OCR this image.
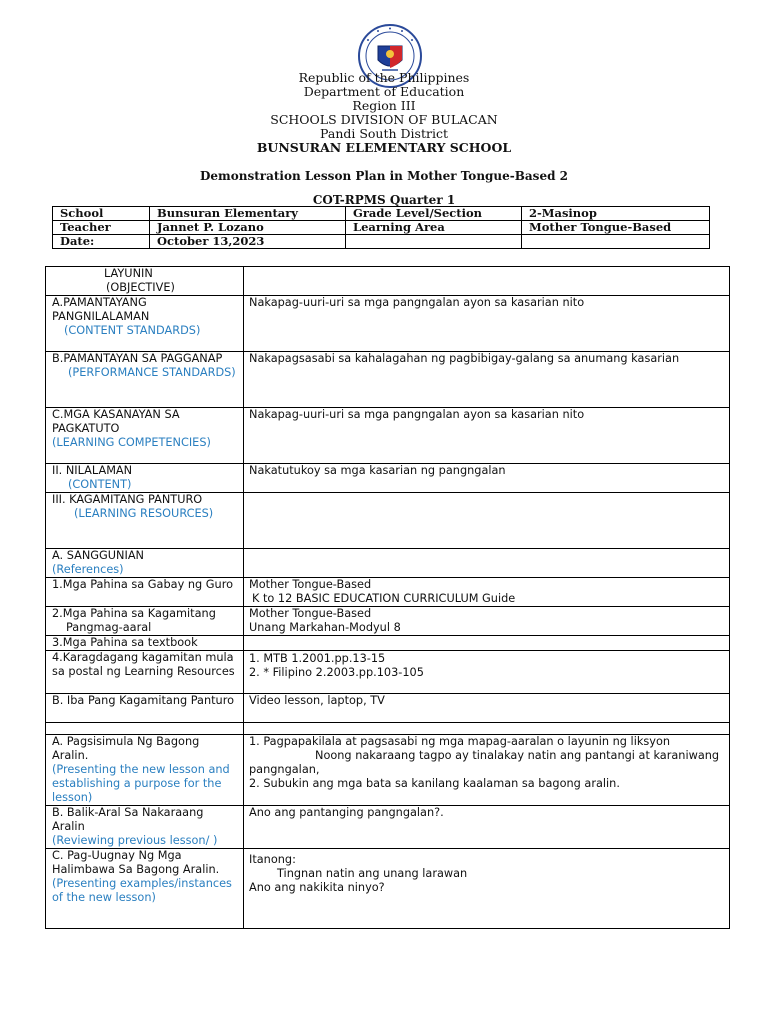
Republic of the Philippines
Department of Education
Region III
SCHOOLS DIVISION OF BULACAN
Pandi South District
BUNSURAN ELEMENTARY SCHOOL
Demonstration Lesson Plan in Mother Tongue-Based 2
COT-RPMS Quarter 1
School	Bunsuran Elementary	Grade Level/Section	2-Masinop
Teacher	Jannet P. Lozano	Learning Area	Mother Tongue-Based
Date:	October 13,2023		
LAYUNIN
(OBJECTIVE)	

A.PAMANTAYANG PANGNILALAMAN
(CONTENT STANDARDS)	Nakapag-uuri-uri sa mga pangngalan ayon sa kasarian nito

B.PAMANTAYAN SA PAGGANAP
(PERFORMANCE STANDARDS)	Nakapagsasabi sa kahalagahan ng pagbibigay-galang sa anumang kasarian

C.MGA KASANAYAN SA PAGKATUTO
(LEARNING COMPETENCIES)	Nakapag-uuri-uri sa mga pangngalan ayon sa kasarian nito

II. NILALAMAN
(CONTENT)	Nakatutukoy sa mga kasarian ng pangngalan

III. KAGAMITANG PANTURO
(LEARNING RESOURCES)	

A. SANGGUNIAN
(References)	

1.Mga Pahina sa Gabay ng Guro	Mother Tongue-Based
K to 12 BASIC EDUCATION CURRICULUM Guide

2.Mga Pahina sa Kagamitang
Pangmag-aaral	Mother Tongue-Based
Unang Markahan-Modyul 8

3.Mga Pahina sa textbook	
4.Karagdagang kagamitan mula sa postal ng Learning Resources	1. MTB 1.2001.pp.13-15
2. * Filipino 2.2003.pp.103-105

B. Iba Pang Kagamitang Panturo	Video lesson, laptop, TV

A. Pagsisimula Ng Bagong Aralin.
(Presenting the new lesson and establishing a purpose for the lesson)	1. Pagpapakilala at pagsasabi ng mga mapag-aaralan o layunin ng liksyon
Noong nakaraang tagpo ay tinalakay natin ang pantangi at karaniwang pangngalan,
2. Subukin ang mga bata sa kanilang kaalaman sa bagong aralin.

B. Balik-Aral Sa Nakaraang Aralin
(Reviewing previous lesson/ )	Ano ang pantanging pangngalan?.

C. Pag-Uugnay Ng Mga Halimbawa Sa Bagong Aralin.
(Presenting examples/instances of the new lesson)	Itanong:
Tingnan natin ang unang larawan
Ano ang nakikita ninyo?
